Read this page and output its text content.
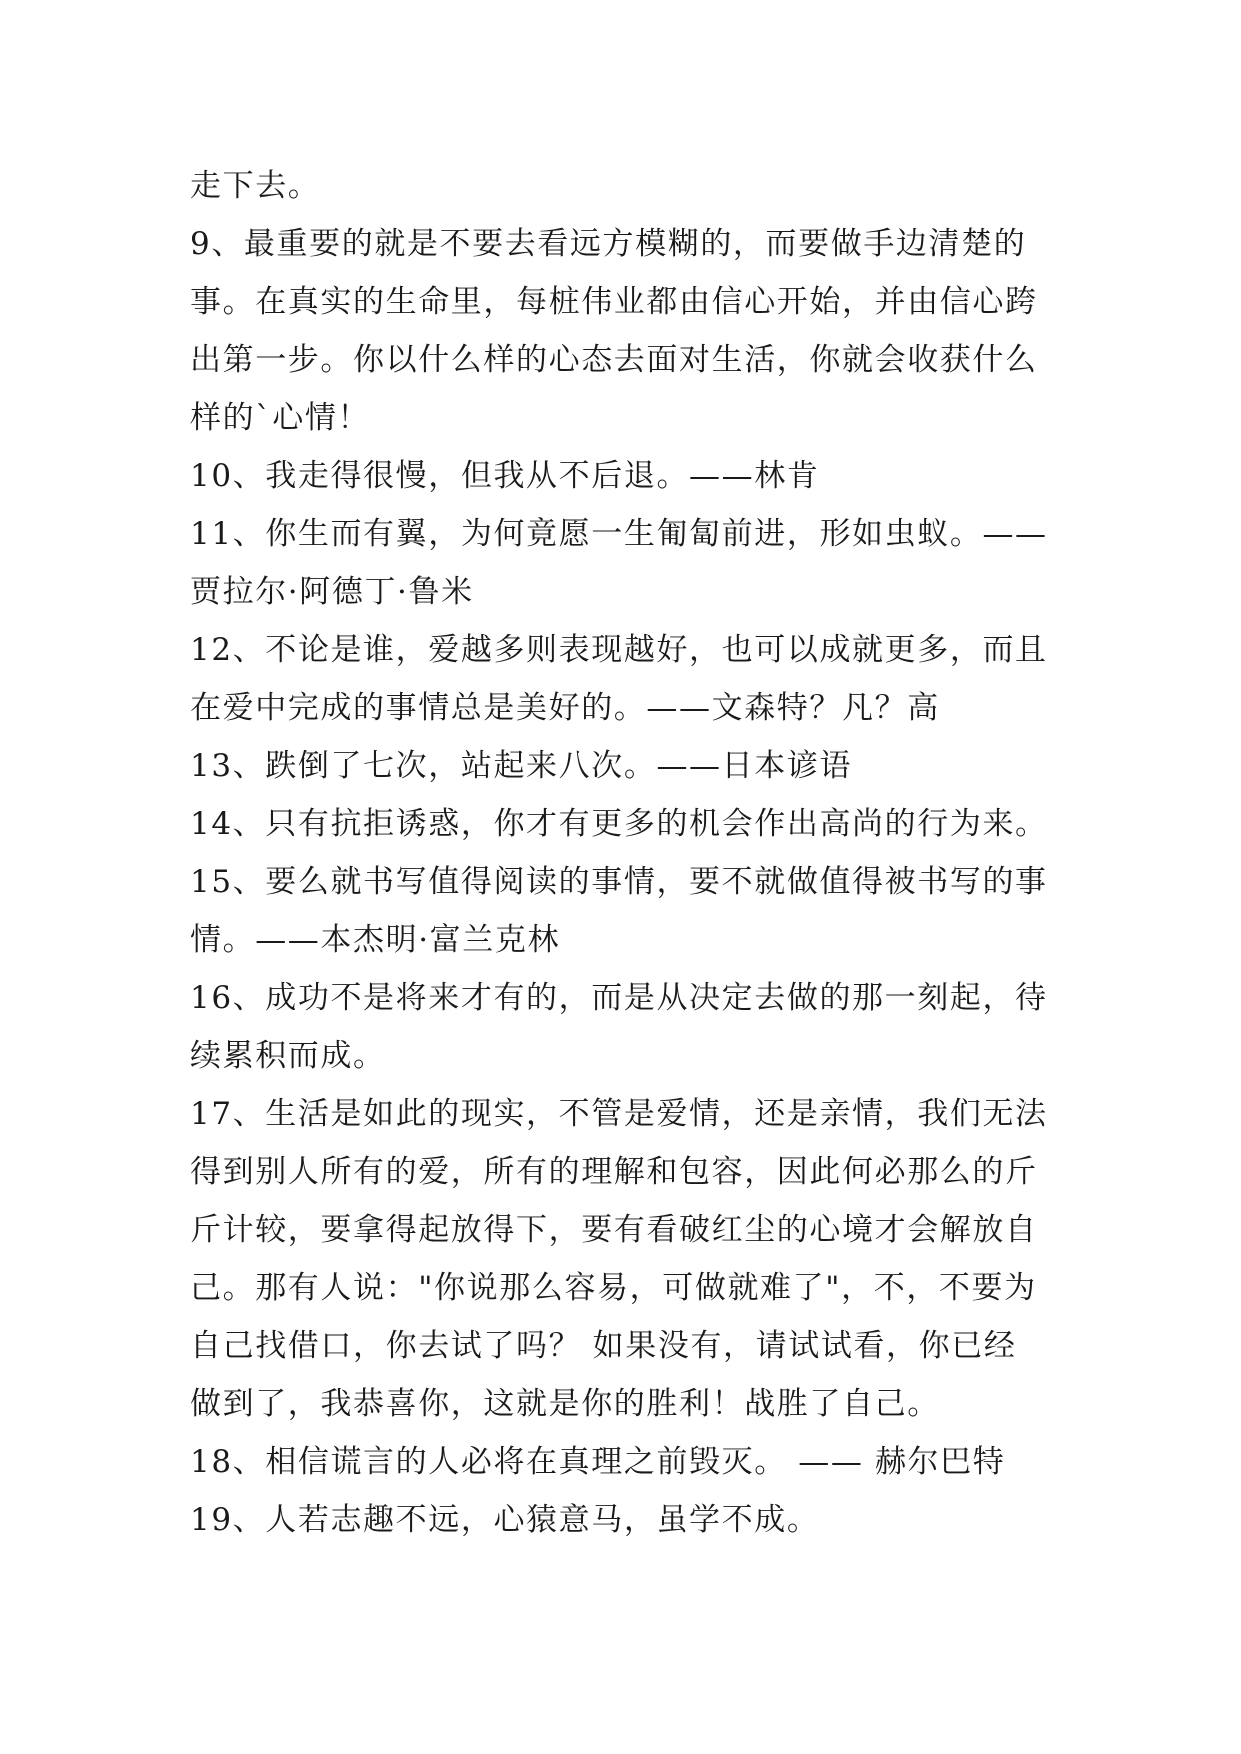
走下去。
9、最重要的就是不要去看远方模糊的，而要做手边清楚的
事。在真实的生命里，每桩伟业都由信心开始，并由信心跨
出第一步。你以什么样的心态去面对生活，你就会收获什么
样的`心情！
10、我走得很慢，但我从不后退。——林肯
11、你生而有翼，为何竟愿一生匍匐前进，形如虫蚁。——
贾拉尔·阿德丁·鲁米
12、不论是谁，爱越多则表现越好，也可以成就更多，而且
在爱中完成的事情总是美好的。——文森特？凡？高
13、跌倒了七次，站起来八次。——日本谚语
14、只有抗拒诱惑，你才有更多的机会作出高尚的行为来。
15、要么就书写值得阅读的事情，要不就做值得被书写的事
情。——本杰明·富兰克林
16、成功不是将来才有的，而是从决定去做的那一刻起，待
续累积而成。
17、生活是如此的现实，不管是爱情，还是亲情，我们无法
得到别人所有的爱，所有的理解和包容，因此何必那么的斤
斤计较，要拿得起放得下，要有看破红尘的心境才会解放自
己。那有人说："你说那么容易，可做就难了"，不，不要为
自己找借口，你去试了吗？ 如果没有，请试试看，你已经
做到了，我恭喜你，这就是你的胜利！战胜了自己。
18、相信谎言的人必将在真理之前毁灭。 —— 赫尔巴特
19、人若志趣不远，心猿意马，虽学不成。
